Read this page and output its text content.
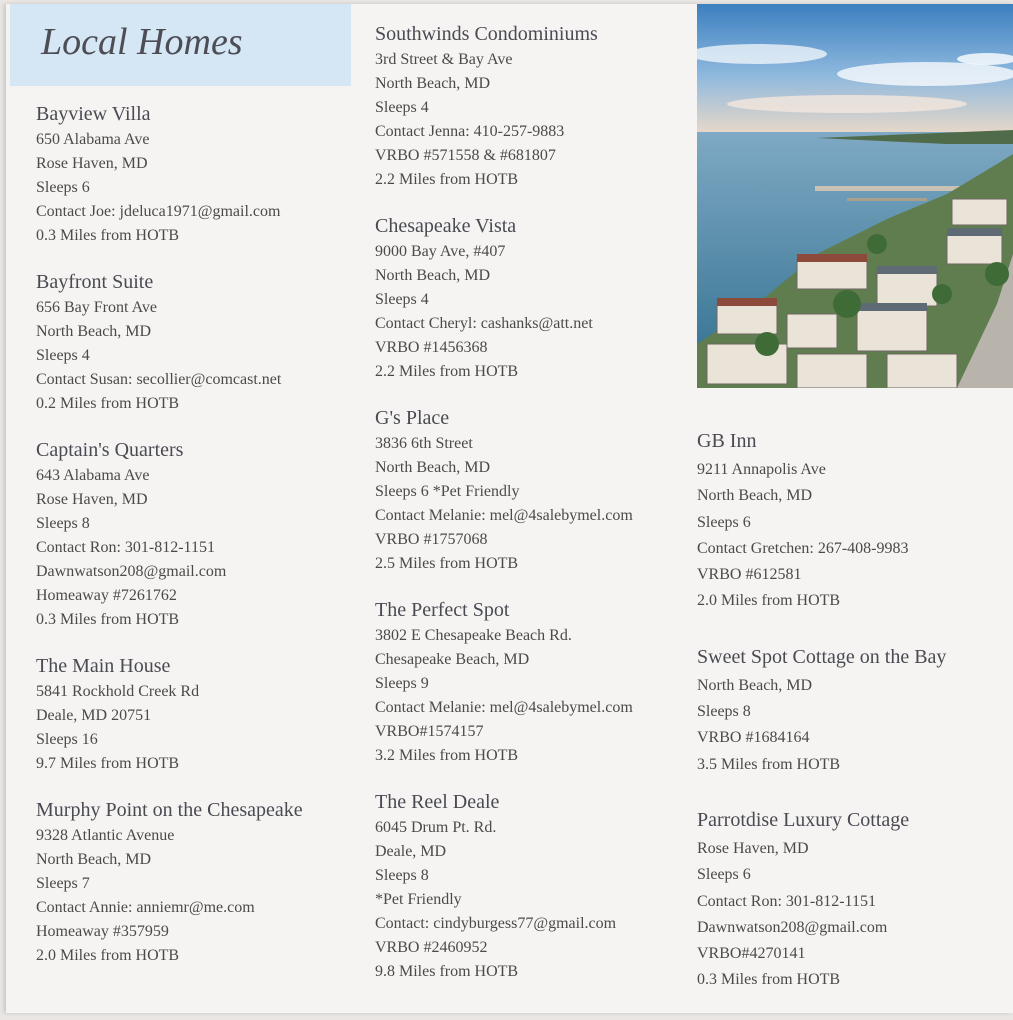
Local Homes
Bayview Villa
650 Alabama Ave
Rose Haven, MD
Sleeps 6
Contact Joe: jdeluca1971@gmail.com
0.3 Miles from HOTB
Bayfront Suite
656 Bay Front Ave
North Beach, MD
Sleeps 4
Contact Susan: secollier@comcast.net
0.2 Miles from HOTB
Captain's Quarters
643 Alabama Ave
Rose Haven, MD
Sleeps 8
Contact Ron: 301-812-1151
Dawnwatson208@gmail.com
Homeaway #7261762
0.3 Miles from HOTB
The Main House
5841 Rockhold Creek Rd
Deale, MD 20751
Sleeps 16
9.7 Miles from HOTB
Murphy Point on the Chesapeake
9328 Atlantic Avenue
North Beach, MD
Sleeps 7
Contact Annie: anniemr@me.com
Homeaway #357959
2.0 Miles from HOTB
Southwinds Condominiums
3rd Street & Bay Ave
North Beach, MD
Sleeps 4
Contact Jenna: 410-257-9883
VRBO #571558 & #681807
2.2 Miles from HOTB
Chesapeake Vista
9000 Bay Ave, #407
North Beach, MD
Sleeps 4
Contact Cheryl: cashanks@att.net
VRBO #1456368
2.2 Miles from HOTB
G's Place
3836 6th Street
North Beach, MD
Sleeps 6 *Pet Friendly
Contact Melanie: mel@4salebymel.com
VRBO #1757068
2.5 Miles from HOTB
The Perfect Spot
3802 E Chesapeake Beach Rd.
Chesapeake Beach, MD
Sleeps 9
Contact Melanie: mel@4salebymel.com
VRBO#1574157
3.2 Miles from HOTB
The Reel Deale
6045 Drum Pt. Rd.
Deale, MD
Sleeps 8
*Pet Friendly
Contact: cindyburgess77@gmail.com
VRBO #2460952
9.8 Miles from HOTB
GB Inn
9211 Annapolis Ave
North Beach, MD
Sleeps 6
Contact Gretchen: 267-408-9983
VRBO #612581
2.0 Miles from HOTB
Sweet Spot Cottage on the Bay
North Beach, MD
Sleeps 8
VRBO #1684164
3.5 Miles from HOTB
Parrotdise Luxury Cottage
Rose Haven, MD
Sleeps 6
Contact Ron: 301-812-1151
Dawnwatson208@gmail.com
VRBO#4270141
0.3 Miles from HOTB
